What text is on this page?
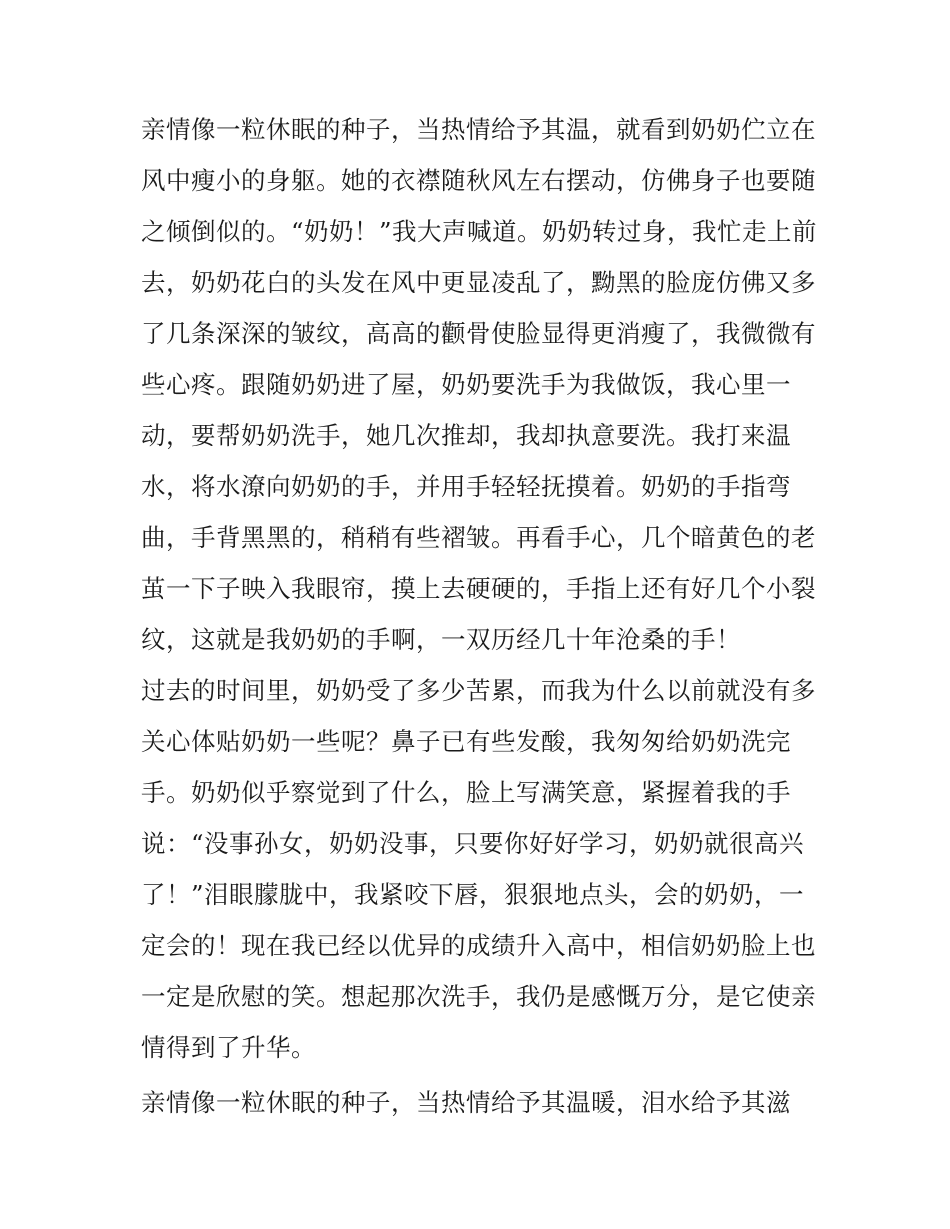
亲情像一粒休眠的种子，当热情给予其温，就看到奶奶伫立在
风中瘦小的身躯。她的衣襟随秋风左右摆动，仿佛身子也要随
之倾倒似的。“奶奶！”我大声喊道。奶奶转过身，我忙走上前
去，奶奶花白的头发在风中更显凌乱了，黝黑的脸庞仿佛又多
了几条深深的皱纹，高高的颧骨使脸显得更消瘦了，我微微有
些心疼。跟随奶奶进了屋，奶奶要洗手为我做饭，我心里一
动，要帮奶奶洗手，她几次推却，我却执意要洗。我打来温
水，将水潦向奶奶的手，并用手轻轻抚摸着。奶奶的手指弯
曲，手背黑黑的，稍稍有些褶皱。再看手心，几个暗黄色的老
茧一下子映入我眼帘，摸上去硬硬的，手指上还有好几个小裂
纹，这就是我奶奶的手啊，一双历经几十年沧桑的手！
过去的时间里，奶奶受了多少苦累，而我为什么以前就没有多
关心体贴奶奶一些呢？鼻子已有些发酸，我匆匆给奶奶洗完
手。奶奶似乎察觉到了什么，脸上写满笑意，紧握着我的手
说：“没事孙女，奶奶没事，只要你好好学习，奶奶就很高兴
了！”泪眼朦胧中，我紧咬下唇，狠狠地点头，会的奶奶，一
定会的！现在我已经以优异的成绩升入高中，相信奶奶脸上也
一定是欣慰的笑。想起那次洗手，我仍是感慨万分，是它使亲
情得到了升华。
亲情像一粒休眠的种子，当热情给予其温暖，泪水给予其滋
